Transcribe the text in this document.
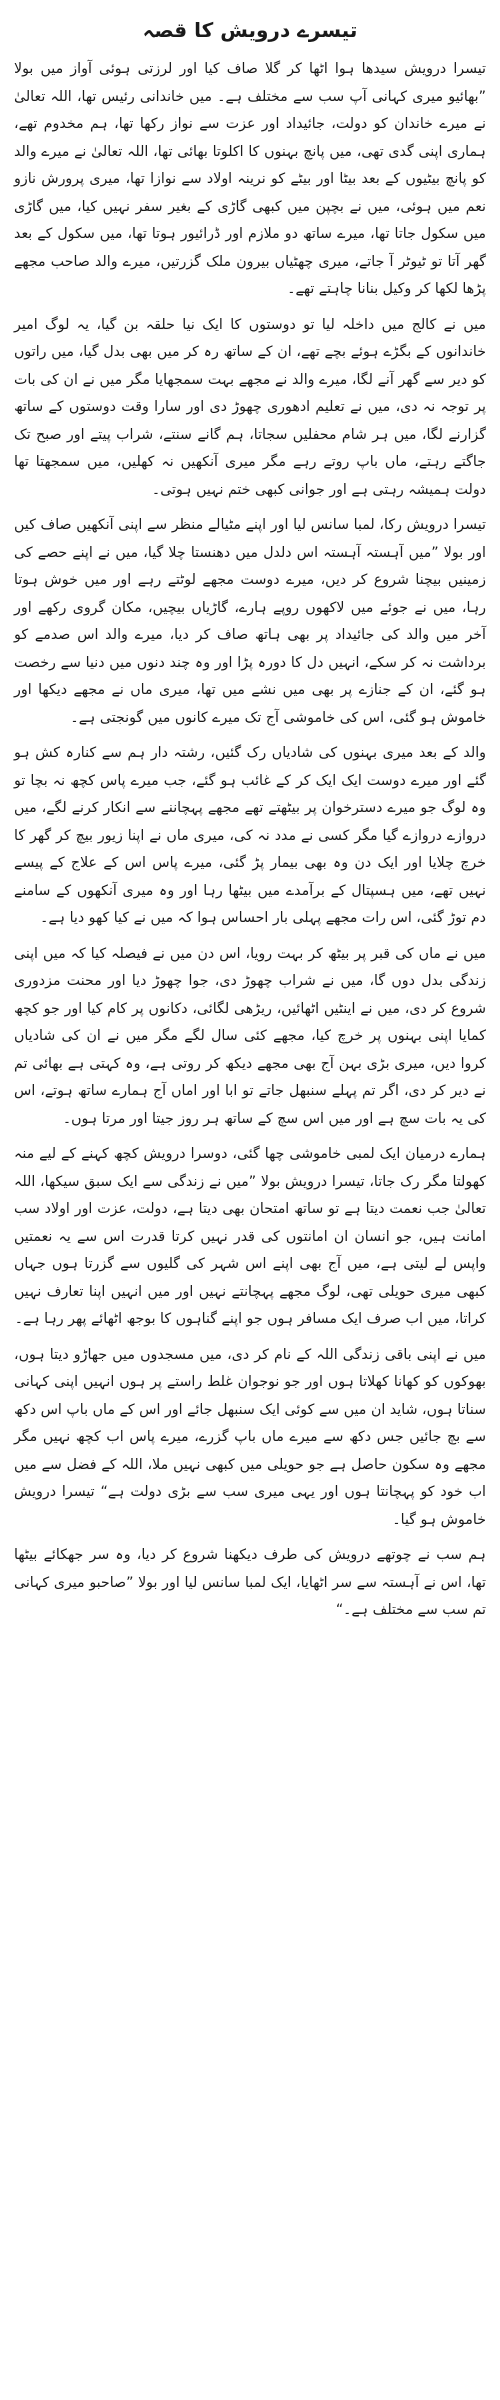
تیسرے درویش کا قصہ

تیسرا درویش سیدھا ہوا اٹھا کر گلا صاف کیا اور لرزتی ہوئی آواز میں بولا ”بھائیو میری کہانی آپ سب سے مختلف ہے۔ میں خاندانی رئیس تھا، اللہ تعالیٰ نے میرے خاندان کو دولت، جائیداد اور عزت سے نواز رکھا تھا، ہم مخدوم تھے، ہماری اپنی گدی تھی، میں پانچ بہنوں کا اکلوتا بھائی تھا، اللہ تعالیٰ نے میرے والد کو پانچ بیٹیوں کے بعد بیٹا اور بیٹے کو نرینہ اولاد سے نوازا تھا، میری پرورش نازو نعم میں ہوئی، میں نے بچپن میں کبھی گاڑی کے بغیر سفر نہیں کیا، میں گاڑی میں سکول جاتا تھا، میرے ساتھ دو ملازم اور ڈرائیور ہوتا تھا، میں سکول کے بعد گھر آتا تو ٹیوٹر آ جاتے، میری چھٹیاں بیرون ملک گزرتیں، میرے والد صاحب مجھے پڑھا لکھا کر وکیل بنانا چاہتے تھے۔

میں نے کالج میں داخلہ لیا تو دوستوں کا ایک نیا حلقہ بن گیا، یہ لوگ امیر خاندانوں کے بگڑے ہوئے بچے تھے، ان کے ساتھ رہ کر میں بھی بدل گیا، میں راتوں کو دیر سے گھر آنے لگا، میرے والد نے مجھے بہت سمجھایا مگر میں نے ان کی بات پر توجہ نہ دی، میں نے تعلیم ادھوری چھوڑ دی اور سارا وقت دوستوں کے ساتھ گزارنے لگا، میں ہر شام محفلیں سجاتا، ہم گانے سنتے، شراب پیتے اور صبح تک جاگتے رہتے، ماں باپ روتے رہے مگر میری آنکھیں نہ کھلیں، میں سمجھتا تھا دولت ہمیشہ رہتی ہے اور جوانی کبھی ختم نہیں ہوتی۔

تیسرا درویش رکا، لمبا سانس لیا اور اپنے مٹیالے منظر سے اپنی آنکھیں صاف کیں اور بولا ”میں آہستہ آہستہ اس دلدل میں دھنستا چلا گیا، میں نے اپنے حصے کی زمینیں بیچنا شروع کر دیں، میرے دوست مجھے لوٹتے رہے اور میں خوش ہوتا رہا، میں نے جوئے میں لاکھوں روپے ہارے، گاڑیاں بیچیں، مکان گروی رکھے اور آخر میں والد کی جائیداد پر بھی ہاتھ صاف کر دیا، میرے والد اس صدمے کو برداشت نہ کر سکے، انہیں دل کا دورہ پڑا اور وہ چند دنوں میں دنیا سے رخصت ہو گئے، ان کے جنازے پر بھی میں نشے میں تھا، میری ماں نے مجھے دیکھا اور خاموش ہو گئی، اس کی خاموشی آج تک میرے کانوں میں گونجتی ہے۔

والد کے بعد میری بہنوں کی شادیاں رک گئیں، رشتہ دار ہم سے کنارہ کش ہو گئے اور میرے دوست ایک ایک کر کے غائب ہو گئے، جب میرے پاس کچھ نہ بچا تو وہ لوگ جو میرے دسترخوان پر بیٹھتے تھے مجھے پہچاننے سے انکار کرنے لگے، میں دروازے دروازے گیا مگر کسی نے مدد نہ کی، میری ماں نے اپنا زیور بیچ کر گھر کا خرچ چلایا اور ایک دن وہ بھی بیمار پڑ گئی، میرے پاس اس کے علاج کے پیسے نہیں تھے، میں ہسپتال کے برآمدے میں بیٹھا رہا اور وہ میری آنکھوں کے سامنے دم توڑ گئی، اس رات مجھے پہلی بار احساس ہوا کہ میں نے کیا کھو دیا ہے۔

میں نے ماں کی قبر پر بیٹھ کر بہت رویا، اس دن میں نے فیصلہ کیا کہ میں اپنی زندگی بدل دوں گا، میں نے شراب چھوڑ دی، جوا چھوڑ دیا اور محنت مزدوری شروع کر دی، میں نے اینٹیں اٹھائیں، ریڑھی لگائی، دکانوں پر کام کیا اور جو کچھ کمایا اپنی بہنوں پر خرچ کیا، مجھے کئی سال لگے مگر میں نے ان کی شادیاں کروا دیں، میری بڑی بہن آج بھی مجھے دیکھ کر روتی ہے، وہ کہتی ہے بھائی تم نے دیر کر دی، اگر تم پہلے سنبھل جاتے تو ابا اور اماں آج ہمارے ساتھ ہوتے، اس کی یہ بات سچ ہے اور میں اس سچ کے ساتھ ہر روز جیتا اور مرتا ہوں۔

ہمارے درمیان ایک لمبی خاموشی چھا گئی، دوسرا درویش کچھ کہنے کے لیے منہ کھولتا مگر رک جاتا، تیسرا درویش بولا ”میں نے زندگی سے ایک سبق سیکھا، اللہ تعالیٰ جب نعمت دیتا ہے تو ساتھ امتحان بھی دیتا ہے، دولت، عزت اور اولاد سب امانت ہیں، جو انسان ان امانتوں کی قدر نہیں کرتا قدرت اس سے یہ نعمتیں واپس لے لیتی ہے، میں آج بھی اپنے اس شہر کی گلیوں سے گزرتا ہوں جہاں کبھی میری حویلی تھی، لوگ مجھے پہچانتے نہیں اور میں انہیں اپنا تعارف نہیں کراتا، میں اب صرف ایک مسافر ہوں جو اپنے گناہوں کا بوجھ اٹھائے پھر رہا ہے۔

میں نے اپنی باقی زندگی اللہ کے نام کر دی، میں مسجدوں میں جھاڑو دیتا ہوں، بھوکوں کو کھانا کھلاتا ہوں اور جو نوجوان غلط راستے پر ہوں انہیں اپنی کہانی سناتا ہوں، شاید ان میں سے کوئی ایک سنبھل جائے اور اس کے ماں باپ اس دکھ سے بچ جائیں جس دکھ سے میرے ماں باپ گزرے، میرے پاس اب کچھ نہیں مگر مجھے وہ سکون حاصل ہے جو حویلی میں کبھی نہیں ملا، اللہ کے فضل سے میں اب خود کو پہچانتا ہوں اور یہی میری سب سے بڑی دولت ہے“ تیسرا درویش خاموش ہو گیا۔

ہم سب نے چوتھے درویش کی طرف دیکھنا شروع کر دیا، وہ سر جھکائے بیٹھا تھا، اس نے آہستہ سے سر اٹھایا، ایک لمبا سانس لیا اور بولا ”صاحبو میری کہانی تم سب سے مختلف ہے۔“
